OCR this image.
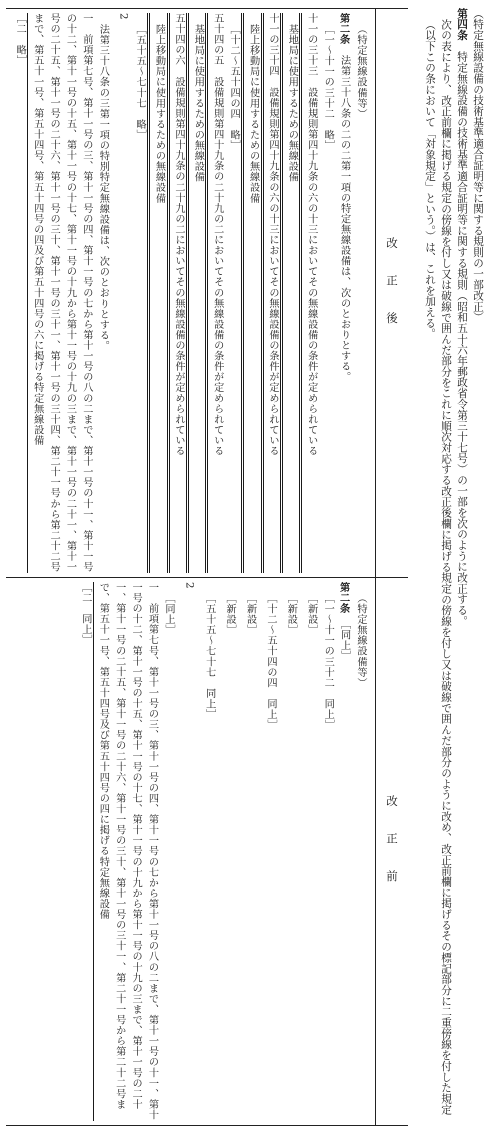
（特定無線設備の技術基準適合証明等に関する規則の一部改正）

第四条　特定無線設備の技術基準適合証明等に関する規則（昭和五十六年郵政省令第三十七号）の一部を次のように改正する。

次の表により、改正前欄に掲げる規定の傍線を付し又は破線で囲んだ部分をこれに順次対応する改正後欄に掲げる規定の傍線を付し又は破線で囲んだ部分のように改め、改正前欄に掲げるその標記部分に二重傍線を付した規定（以下この条において「対象規定」という。）は、これを加える。

改正後

（特定無線設備等）

第二条　法第三十八条の二の二第一項の特定無線設備は、次のとおりとする。

［一～十一の三十二　略］

十一の三十三　設備規則第四十九条の六の十三においてその無線設備の条件が定められている

基地局に使用するための無線設備

十一の三十四　設備規則第四十九条の六の十三においてその無線設備の条件が定められている

陸上移動局に使用するための無線設備

［十二～五十四の四　略］

五十四の五　設備規則第四十九条の二十九の二においてその無線設備の条件が定められている

基地局に使用するための無線設備

五十四の六　設備規則第四十九条の二十九の二においてその無線設備の条件が定められている

陸上移動局に使用するための無線設備

［五十五～七十七　略］

2

法第三十八条の三第一項の特別特定無線設備は、次のとおりとする。

一　前項第七号、第十一号の三、第十一号の四、第十一号の七から第十一号の八の二まで、第十一号の十一、第十一号の十二、第十一号の十五、第十一号の十七、第十一号の十九から第十一号の十九の三まで、第十一号の二十一、第十一号の二十五、第十一号の二十六、第十一号の三十、第十一号の三十一、第十一号の三十四、第二十一号から第二十二号まで、第五十一号、第五十四号、第五十四号の四及び第五十四号の六に掲げる特定無線設備

［二　略］

改正前

（特定無線設備等）

第二条　［同上］

［一～十一の三十二　同上］

［新設］

［新設］

［十二～五十四の四　同上］

［新設］

［新設］

［五十五～七十七　同上］

2

［同上］

一　前項第七号、第十一号の三、第十一号の四、第十一号の七から第十一号の八の二まで、第十一号の十一、第十一号の十二、第十一号の十五、第十一号の十七、第十一号の十九から第十一号の十九の三まで、第十一号の二十一、第十一号の二十五、第十一号の二十六、第十一号の三十、第十一号の三十一、第二十一号から第二十二号まで、第五十一号、第五十四号及び第五十四号の四に掲げる特定無線設備

［二　同上］
